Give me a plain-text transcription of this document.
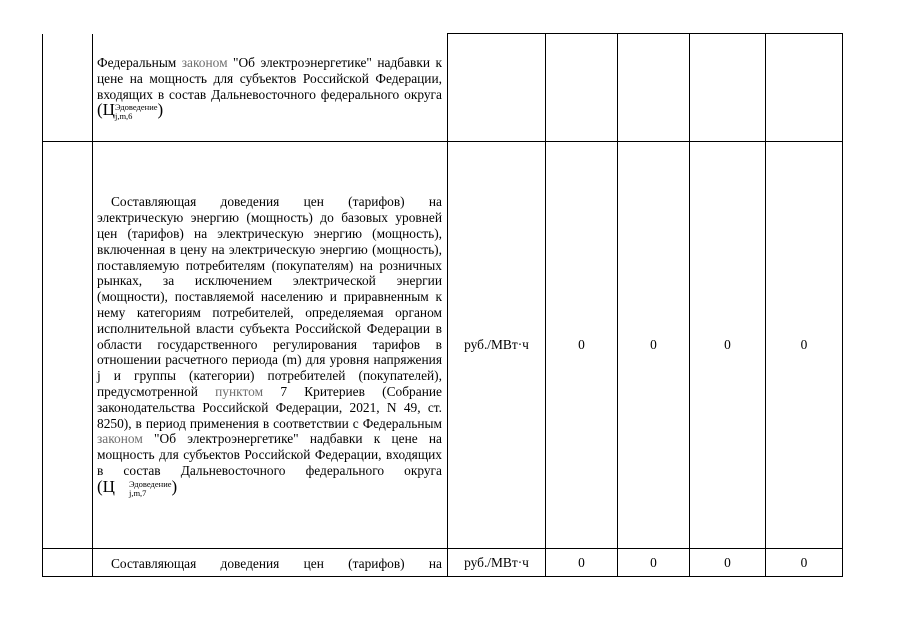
	Федеральным законом "Об электроэнергетике" надбавки к цене на мощность для субъектов Российской Федерации, входящих в состав Дальневосточного федерального округа (Ц Эдоведение
j,m,6 )					

	Составляющая доведения цен (тарифов) на электрическую энергию (мощность) до базовых уровней цен (тарифов) на электрическую энергию (мощность), включенная в цену на электрическую энергию (мощность), поставляемую потребителям (покупателям) на розничных рынках, за исключением электрической энергии (мощности), поставляемой населению и приравненным к нему категориям потребителей, определяемая органом исполнительной власти субъекта Российской Федерации в области государственного регулирования тарифов в отношении расчетного периода (m) для уровня напряжения j и группы (категории) потребителей (покупателей), предусмотренной пунктом 7 Критериев (Собрание законодательства Российской Федерации, 2021, N 49, ст. 8250), в период применения в соответствии с Федеральным законом "Об электроэнергетике" надбавки к цене на мощность для субъектов Российской Федерации, входящих в состав Дальневосточного федерального округа (Ц Эдоведение
j,m,7 )	руб./МВт·ч	0	0	0	0

	Составляющая доведения цен (тарифов) на	руб./МВт·ч	0	0	0	0
